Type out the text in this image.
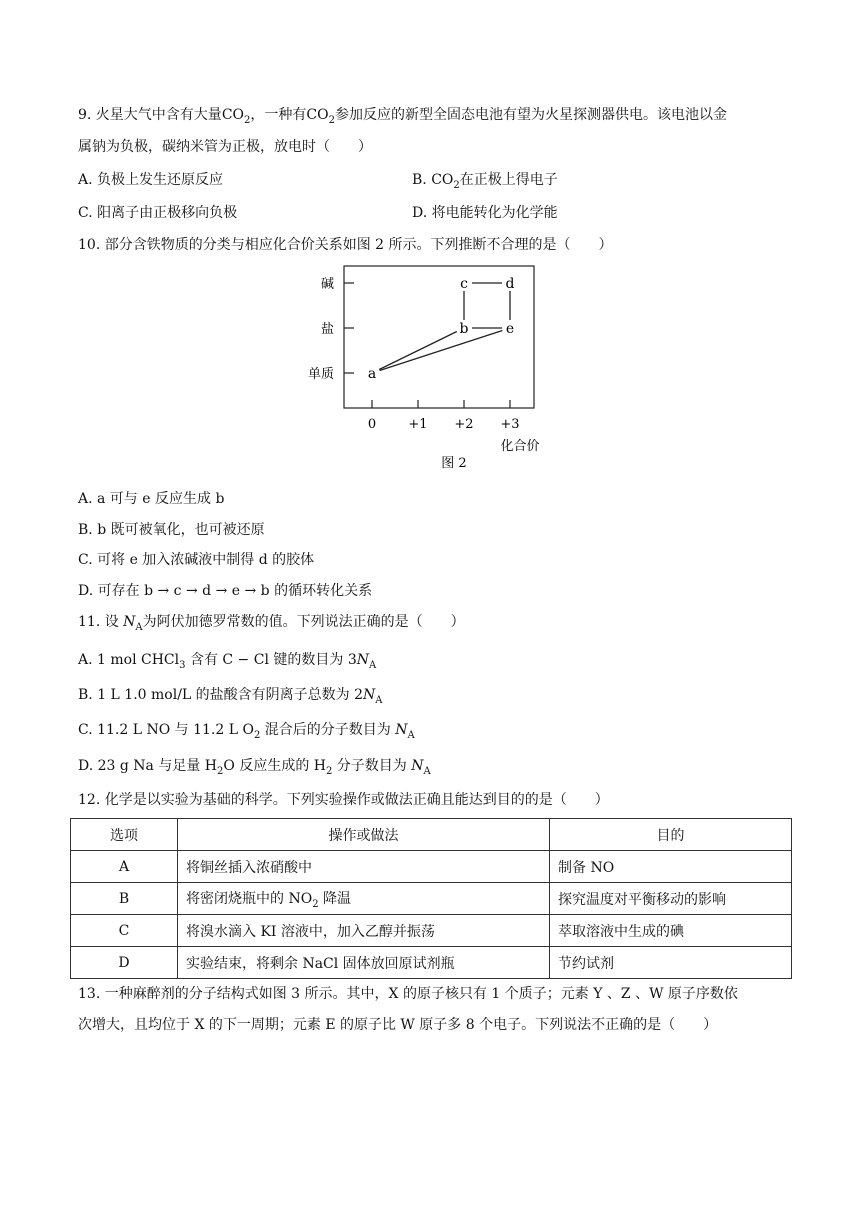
9. 火星大气中含有大量$CO_2$，一种有$CO_2$参加反应的新型全固态电池有望为火星探测器供电。该电池以金
属钠为负极，碳纳米管为正极，放电时（　　）
A. 负极上发生还原反应	B. $CO_2$在正极上得电子
C. 阳离子由正极移向负极	D. 将电能转化为化学能
10. 部分含铁物质的分类与相应化合价关系如图 2 所示。下列推断不合理的是（　　）
单质
盐
碱
0 +1 +2 +3
a
b
c	d
e
化合价
图 2
A. a 可与 e 反应生成 b
B. b 既可被氧化，也可被还原
C. 可将 e 加入浓碱液中制得 d 的胶体
D. 可存在 b → c → d → e → b 的循环转化关系
11. 设 $N_A$为阿伏加德罗常数的值。下列说法正确的是（　　）
A. 1 mol CHCl$_3$ 含有 C − Cl 键的数目为 $3N_A$
B. 1 L 1.0 mol/L 的盐酸含有阴离子总数为 $2N_A$
C. 11.2 L NO 与 11.2 L $O_2$ 混合后的分子数目为 $N_A$
D. 23 g Na 与足量 $H_2O$ 反应生成的 $H_2$ 分子数目为 $N_A$
12. 化学是以实验为基础的科学。下列实验操作或做法正确且能达到目的的是（　　）
选项	操作或做法	目的
A	将铜丝插入浓硝酸中	制备 NO
B	将密闭烧瓶中的 $NO_2$ 降温	探究温度对平衡移动的影响
C	将溴水滴入 KI 溶液中，加入乙醇并振荡	萃取溶液中生成的碘
D	实验结束，将剩余 NaCl 固体放回原试剂瓶	节约试剂
13. 一种麻醉剂的分子结构式如图 3 所示。其中，X 的原子核只有 1 个质子；元素 Y 、Z 、W 原子序数依
次增大，且均位于 X 的下一周期；元素 E 的原子比 W 原子多 8 个电子。下列说法不正确的是（　　）
